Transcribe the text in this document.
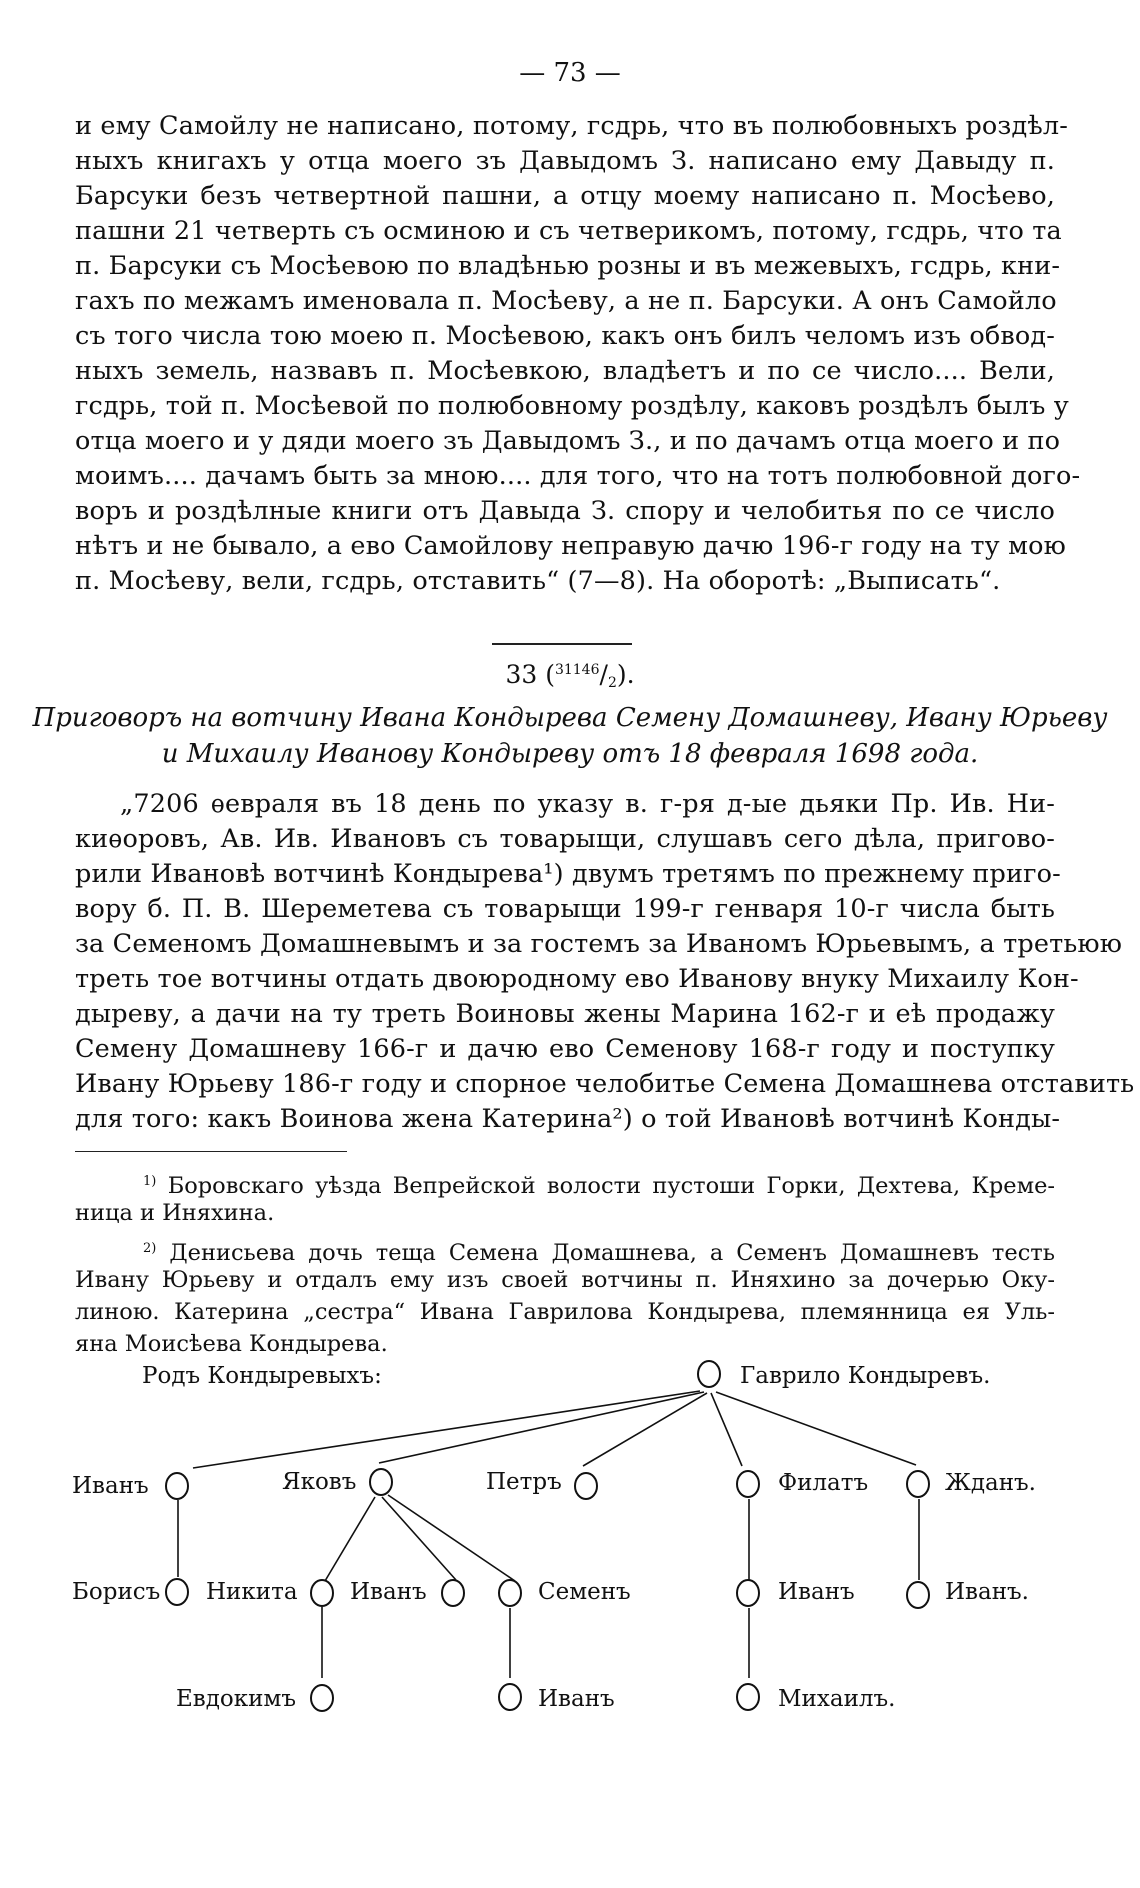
— 73 —
и ему Самойлу не написано, потому, гсдрь, что въ полюбовныхъ роздѣл-
ныхъ книгахъ у отца моего зъ Давыдомъ З. написано ему Давыду п.
Барсуки безъ четвертной пашни, а отцу моему написано п. Мосѣево,
пашни 21 четверть съ осминою и съ четверикомъ, потому, гсдрь, что та
п. Барсуки съ Мосѣевою по владѣнью розны и въ межевыхъ, гсдрь, кни-
гахъ по межамъ именовала п. Мосѣеву, а не п. Барсуки. А онъ Самойло
съ того числа тою моею п. Мосѣевою, какъ онъ билъ челомъ изъ обвод-
ныхъ земель, назвавъ п. Мосѣевкою, владѣетъ и по се число.... Вели,
гсдрь, той п. Мосѣевой по полюбовному роздѣлу, каковъ роздѣлъ былъ у
отца моего и у дяди моего зъ Давыдомъ З., и по дачамъ отца моего и по
моимъ.... дачамъ быть за мною.... для того, что на тотъ полюбовной дого-
воръ и роздѣлные книги отъ Давыда З. спору и челобитья по се число
нѣтъ и не бывало, а ево Самойлову неправую дачю 196-г году на ту мою
п. Мосѣеву, вели, гсдрь, отставить“ (7—8). На оборотѣ: „Выписать“.
33 $(^{31146}/_2)$.
Приговоръ на вотчину Ивана Кондырева Семену Домашневу, Ивану Юрьеву
и Михаилу Иванову Кондыреву отъ 18 февраля 1698 года.
„7206 ѳевраля въ 18 день по указу в. г-ря д-ые дьяки Пр. Ив. Ни-
киѳоровъ, Ав. Ив. Ивановъ съ товарыщи, слушавъ сего дѣла, пригово-
рили Ивановѣ вотчинѣ Кондырева¹) двумъ третямъ по прежнему приго-
вору б. П. В. Шереметева съ товарыщи 199-г генваря 10-г числа быть
за Семеномъ Домашневымъ и за гостемъ за Иваномъ Юрьевымъ, а третьюю
треть тое вотчины отдать двоюродному ево Иванову внуку Михаилу Кон-
дыреву, а дачи на ту треть Воиновы жены Марина 162-г и еѣ продажу
Семену Домашневу 166-г и дачю ево Семенову 168-г году и поступку
Ивану Юрьеву 186-г году и спорное челобитье Семена Домашнева отставить
для того: какъ Воинова жена Катерина²) о той Ивановѣ вотчинѣ Конды-
$^{1)}$ Боровскаго уѣзда Вепрейской волости пустоши Горки, Дехтева, Креме-
ница и Иняхина.
$^{2)}$ Денисьева дочь теща Семена Домашнева, а Семенъ Домашневъ тесть
Ивану Юрьеву и отдалъ ему изъ своей вотчины п. Иняхино за дочерью Оку-
линою. Катерина „сестра“ Ивана Гаврилова Кондырева, племянница ея Уль-
яна Моисѣева Кондырева.
Родъ Кондыревыхъ:	Гаврило Кондыревъ.
Иванъ	Яковъ	Петръ	Филатъ	Жданъ.
Борисъ Никита Иванъ	Семенъ	Иванъ	Иванъ.
Евдокимъ	Иванъ	Михаилъ.
